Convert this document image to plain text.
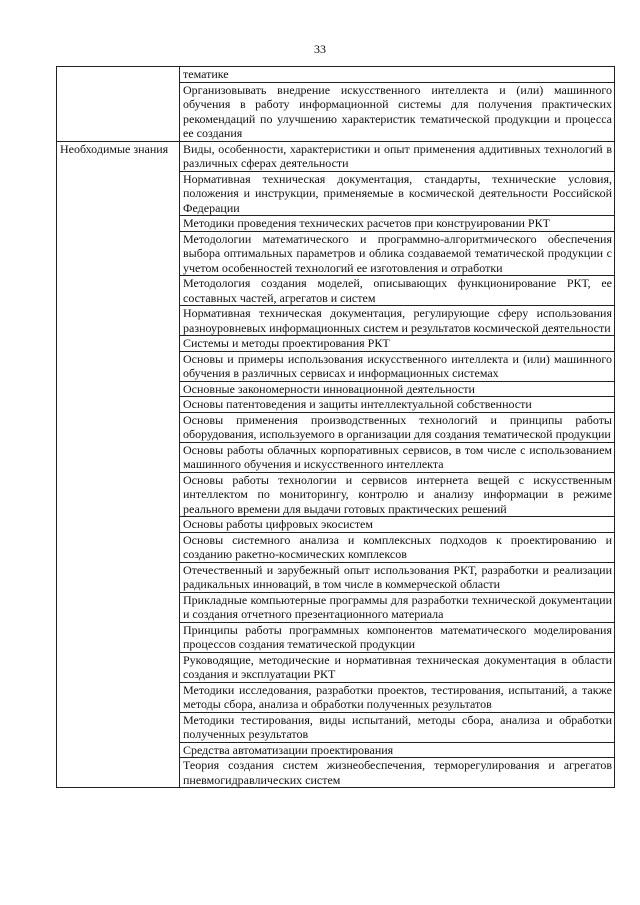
33
	тематике
	Организовывать внедрение искусственного интеллекта и (или) машинного обучения в работу информационной системы для получения практических рекомендаций по улучшению характеристик тематической продукции и процесса ее создания
Необходимые знания	Виды, особенности, характеристики и опыт применения аддитивных технологий в различных сферах деятельности
	Нормативная техническая документация, стандарты, технические условия, положения и инструкции, применяемые в космической деятельности Российской Федерации
	Методики проведения технических расчетов при конструировании РКТ
	Методологии математического и программно-алгоритмического обеспечения выбора оптимальных параметров и облика создаваемой тематической продукции с учетом особенностей технологий ее изготовления и отработки
	Методология создания моделей, описывающих функционирование РКТ, ее составных частей, агрегатов и систем
	Нормативная техническая документация, регулирующие сферу использования разноуровневых информационных систем и результатов космической деятельности
	Системы и методы проектирования РКТ
	Основы и примеры использования искусственного интеллекта и (или) машинного обучения в различных сервисах и информационных системах
	Основные закономерности инновационной деятельности
	Основы патентоведения и защиты интеллектуальной собственности
	Основы применения производственных технологий и принципы работы оборудования, используемого в организации для создания тематической продукции
	Основы работы облачных корпоративных сервисов, в том числе с использованием машинного обучения и искусственного интеллекта
	Основы работы технологии и сервисов интернета вещей с искусственным интеллектом по мониторингу, контролю и анализу информации в режиме реального времени для выдачи готовых практических решений
	Основы работы цифровых экосистем
	Основы системного анализа и комплексных подходов к проектированию и созданию ракетно-космических комплексов
	Отечественный и зарубежный опыт использования РКТ, разработки и реализации радикальных инноваций, в том числе в коммерческой области
	Прикладные компьютерные программы для разработки технической документации и создания отчетного презентационного материала
	Принципы работы программных компонентов математического моделирования процессов создания тематической продукции
	Руководящие, методические и нормативная техническая документация в области создания и эксплуатации РКТ
	Методики исследования, разработки проектов, тестирования, испытаний, а также методы сбора, анализа и обработки полученных результатов
	Методики тестирования, виды испытаний, методы сбора, анализа и обработки полученных результатов
	Средства автоматизации проектирования
	Теория создания систем жизнеобеспечения, терморегулирования и агрегатов пневмогидравлических систем
